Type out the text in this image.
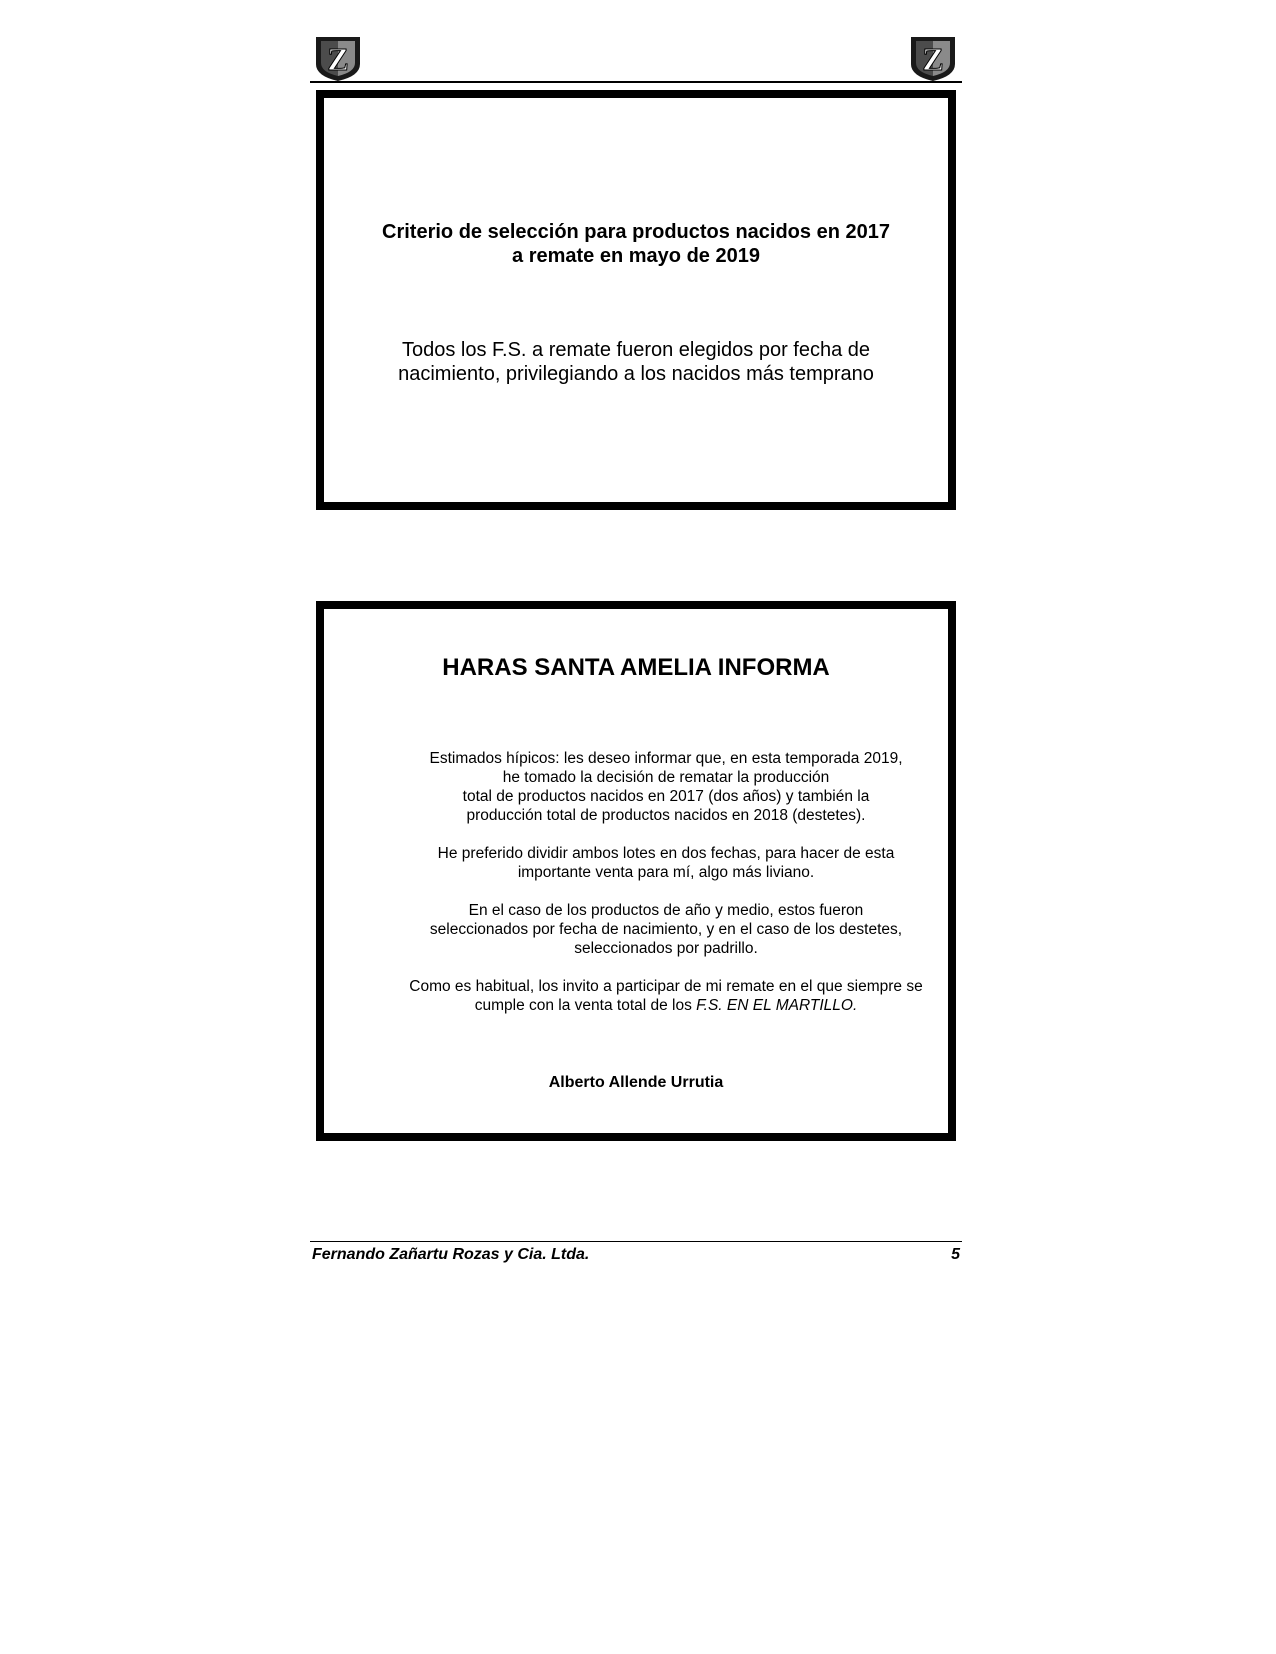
Z	Z
Criterio de selección para productos nacidos en 2017
a remate en mayo de 2019
Todos los F.S. a remate fueron elegidos por fecha de
nacimiento, privilegiando a los nacidos más temprano
HARAS SANTA AMELIA INFORMA
Estimados hípicos: les deseo informar que, en esta temporada 2019,
he tomado la decisión de rematar la producción
total de productos nacidos en 2017 (dos años) y también la
producción total de productos nacidos en 2018 (destetes).
He preferido dividir ambos lotes en dos fechas, para hacer de esta
importante venta para mí, algo más liviano.
En el caso de los productos de año y medio, estos fueron
seleccionados por fecha de nacimiento, y en el caso de los destetes,
seleccionados por padrillo.
Como es habitual, los invito a participar de mi remate en el que siempre se
cumple con la venta total de los F.S. EN EL MARTILLO.
Alberto Allende Urrutia
Fernando Zañartu Rozas y Cia. Ltda.	5
